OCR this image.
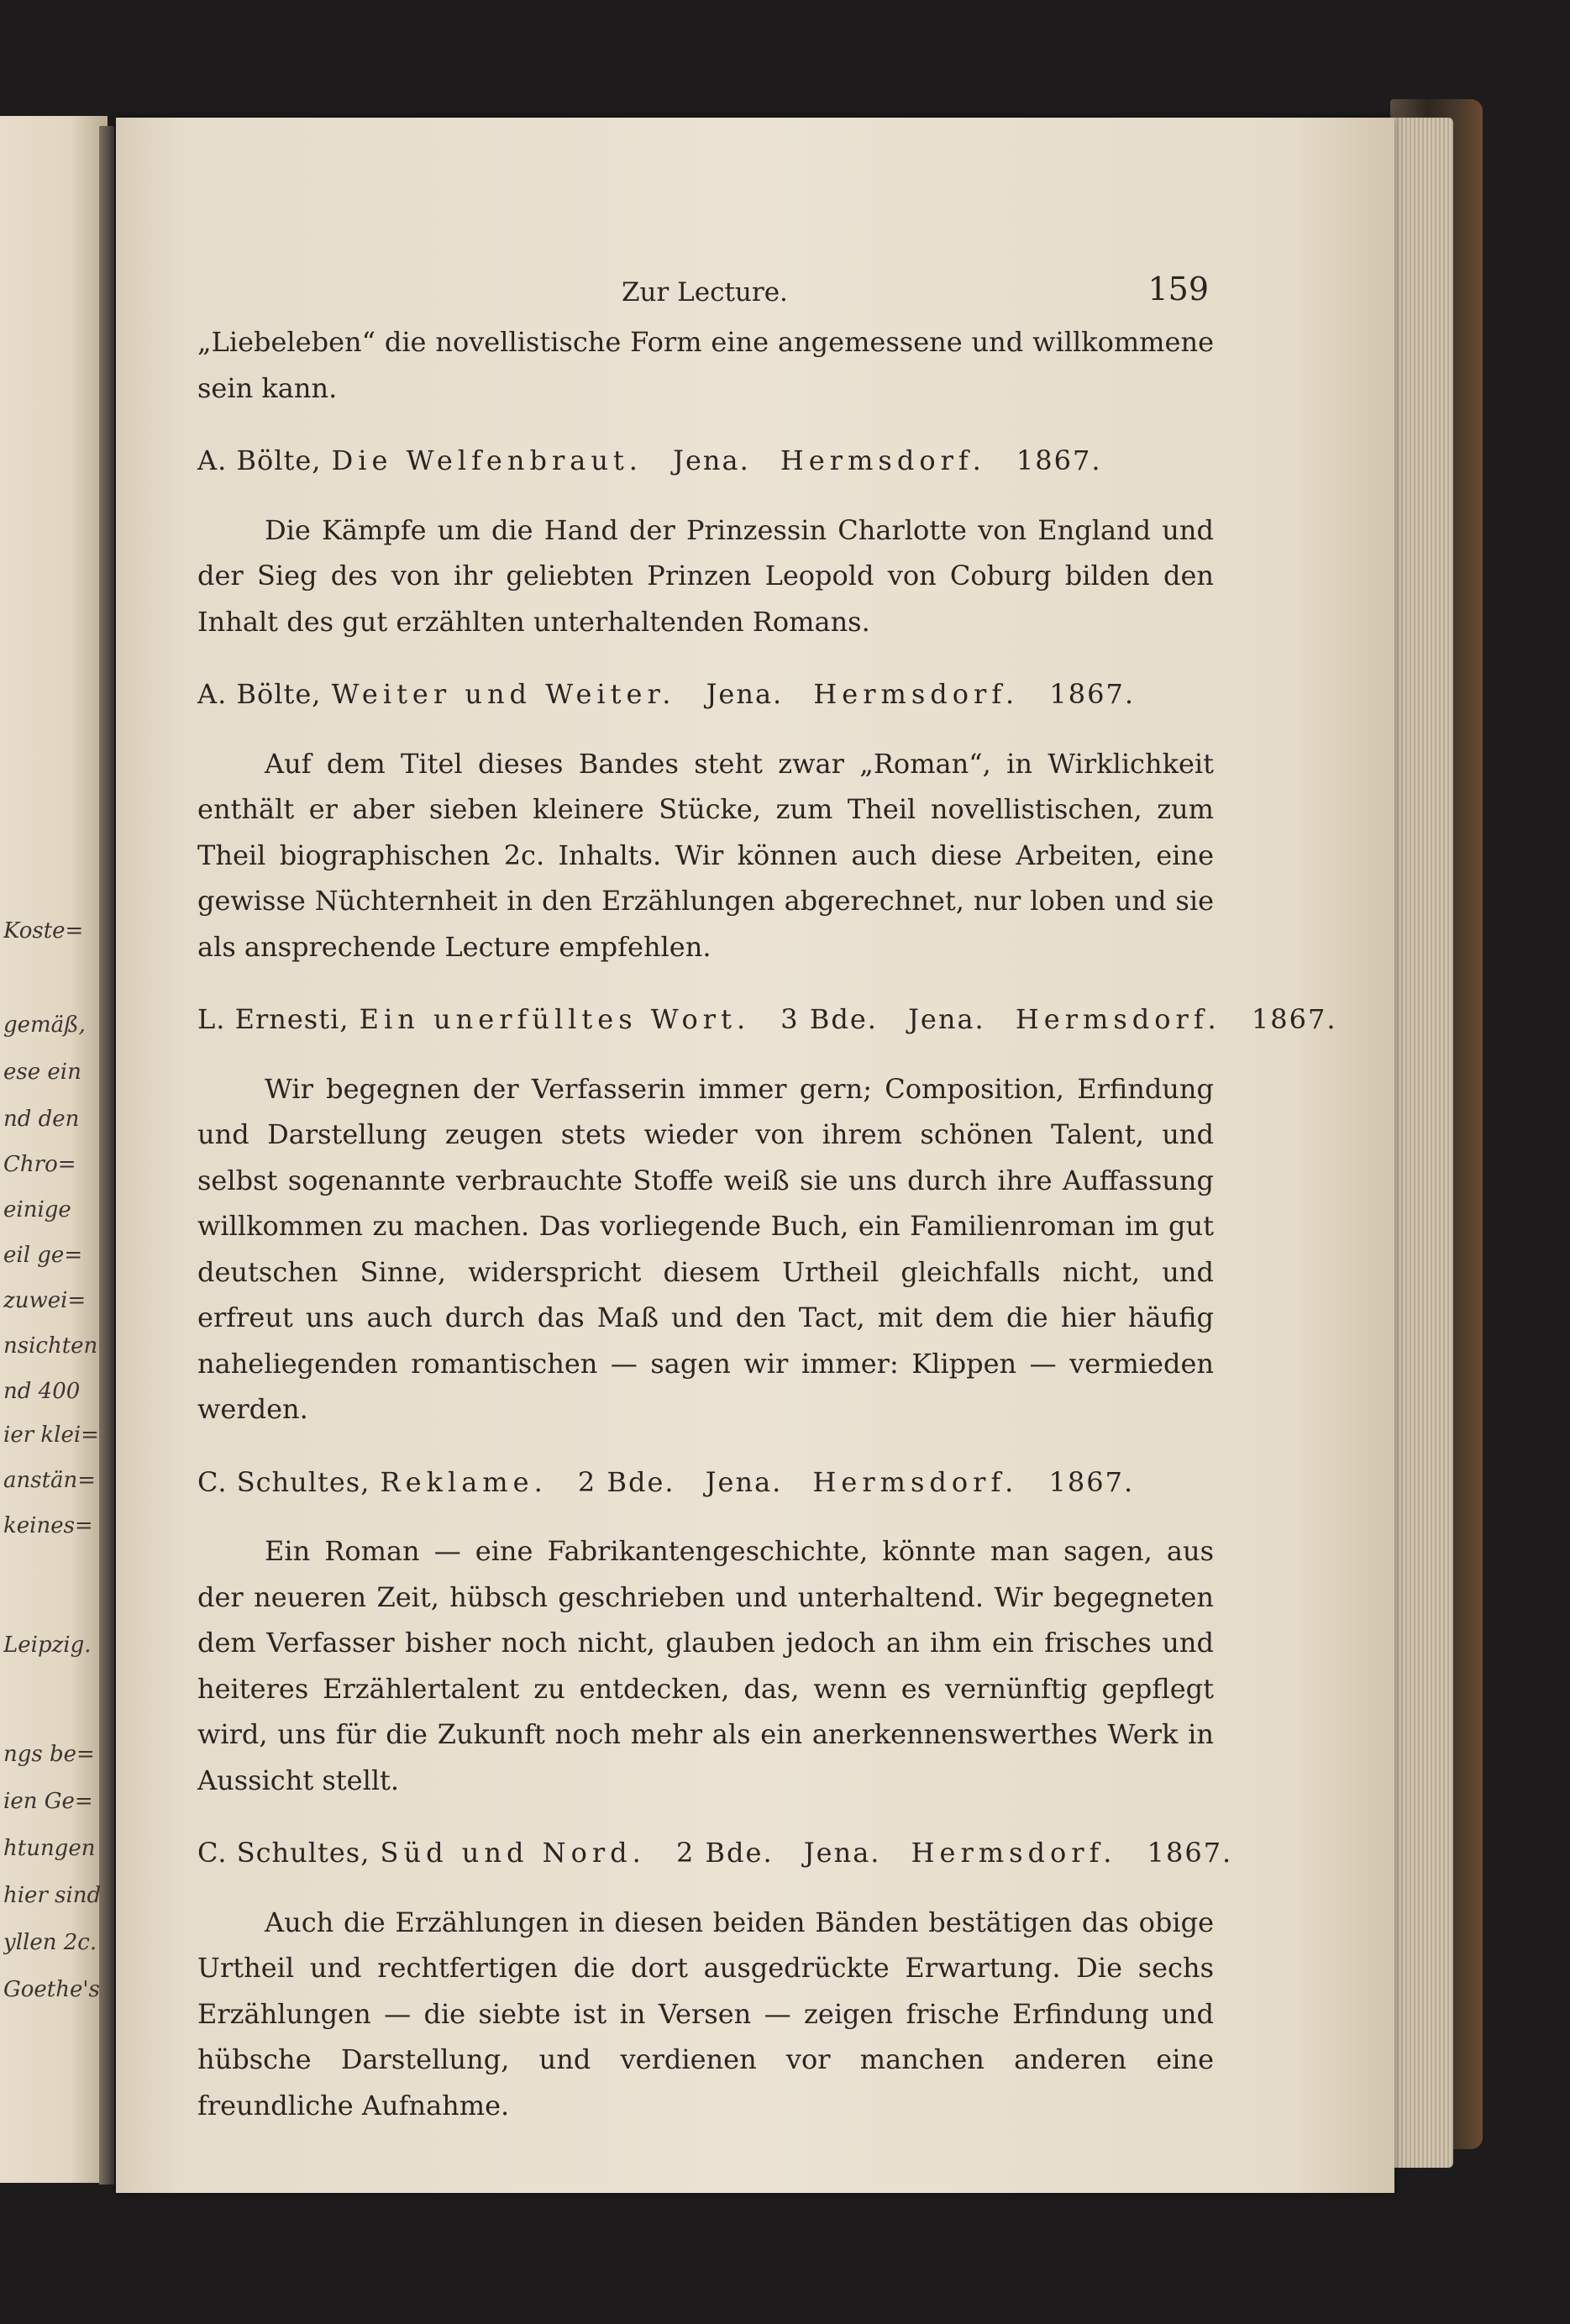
Koste=
gemäß,
ese ein
nd den
Chro=
einige
eil ge=
zuwei=
nsichten
nd 400
ier klei=
anstän=
keines=
Leipzig.
ngs be=
ien Ge=
htungen
hier sind
yllen 2c.
Goethe's
Zur Lecture.	159

„Liebeleben“ die novellistische Form eine angemessene und willkommene sein kann.

A. Bölte, Die Welfenbraut. Jena. Hermsdorf. 1867.

Die Kämpfe um die Hand der Prinzessin Charlotte von England und der Sieg des von ihr geliebten Prinzen Leopold von Coburg bilden den Inhalt des gut erzählten unterhaltenden Romans.

A. Bölte, Weiter und Weiter. Jena. Hermsdorf. 1867.

Auf dem Titel dieses Bandes steht zwar „Roman“, in Wirklichkeit enthält er aber sieben kleinere Stücke, zum Theil novellistischen, zum Theil biographischen 2c. Inhalts. Wir können auch diese Arbeiten, eine gewisse Nüchternheit in den Erzählungen abgerechnet, nur loben und sie als ansprechende Lecture empfehlen.

L. Ernesti, Ein unerfülltes Wort. 3 Bde. Jena. Hermsdorf. 1867.

Wir begegnen der Verfasserin immer gern; Composition, Erfindung und Darstellung zeugen stets wieder von ihrem schönen Talent, und selbst sogenannte verbrauchte Stoffe weiß sie uns durch ihre Auffassung willkommen zu machen. Das vorliegende Buch, ein Familienroman im gut deutschen Sinne, widerspricht diesem Urtheil gleichfalls nicht, und erfreut uns auch durch das Maß und den Tact, mit dem die hier häufig naheliegenden romantischen — sagen wir immer: Klippen — vermieden werden.

C. Schultes, Reklame. 2 Bde. Jena. Hermsdorf. 1867.

Ein Roman — eine Fabrikantengeschichte, könnte man sagen, aus der neueren Zeit, hübsch geschrieben und unterhaltend. Wir begegneten dem Verfasser bisher noch nicht, glauben jedoch an ihm ein frisches und heiteres Erzählertalent zu entdecken, das, wenn es vernünftig gepflegt wird, uns für die Zukunft noch mehr als ein anerkennenswerthes Werk in Aussicht stellt.

C. Schultes, Süd und Nord. 2 Bde. Jena. Hermsdorf. 1867.

Auch die Erzählungen in diesen beiden Bänden bestätigen das obige Urtheil und rechtfertigen die dort ausgedrückte Erwartung. Die sechs Erzählungen — die siebte ist in Versen — zeigen frische Erfindung und hübsche Darstellung, und verdienen vor manchen anderen eine freundliche Aufnahme.
